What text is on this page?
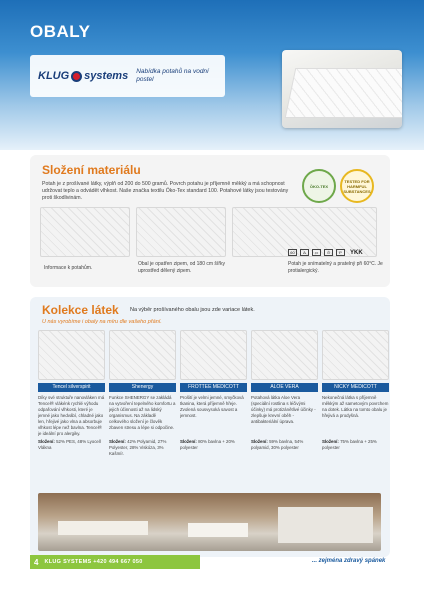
OBALY
KLUG systems Nabídka potahů na vodní postel
Složení materiálu
Potah je z prošívané látky, výplň od 200 do 500 gramů. Povrch potahu je příjemně měkký a má schopnost udržovat teplo a odvádět vlhkost. Naše značka textilu Öko-Tex standard 100. Potahové látky jsou testovány proti škodlivinám.
ÖKO-TEX
TESTED FOR HARMFUL SUBSTANCES
Informace k potahům.
Obal je opatřen zipem, od 180 cm šířky uprostřed dělený zipem.
Potah je snímatelný a pratelný při 60°C. Je protialergický.
60	Δ	▭	⊙	P	YKK
Kolekce látek Na výběr prošívaného obalu jsou zde variace látek.
U nás vyrobíme i obaly na míru dle vašeho přání.
Tencel silverspirit
Díky své struktuře nanovláken má Tencel® vlákénk rychlé výhodu odpařování vlhkosti, které je jemné jako hedvábí, chladné jako len, hřejivé jako vlna a absorbuje vlhkost lépe než bavlna. Tencel® je ideální pro alergiky.
Složení: 52% PES, 48% Lyocell Vlákna
Shenergy
Funkce SHENERGY se zakládá na vytvoření tepelného komfortu a jejich účinnosti až na lidský organismus. Na základě celkového složení je člověk zbaven stresu a lépe si odpočine.
Složení: 42% Polyamid, 27% Polyester, 28% Viskóza, 3% Kašmír.
FROTTEE MEDICOTT
Prošití je velmi jemné, smyčková tkanina, která příjemně hřeje. Zvolená sousvysoká savost a jemnost.
Složení: 80% bavlna + 20% polyester
ALOE VERA
Potahová látka Aloe Vera (speciální rostlina s léčivými účinky) má protizánětlivé účinky - zlepšuje krevní oběh - antibakteriální úprava.
Složení: 59% bavlna, 54% polyamid, 30% polyester
NICKY MEDICOTT
Nekonečná látka s příjemně měkkým až sametovým povrchem na dotek. Látka na tomto obalu je hřejivá a prodyšná.
Složení: 75% bavlna + 25% polyester
4 KLUG SYSTEMS +420 494 667 050	... zejména zdravý spánek
